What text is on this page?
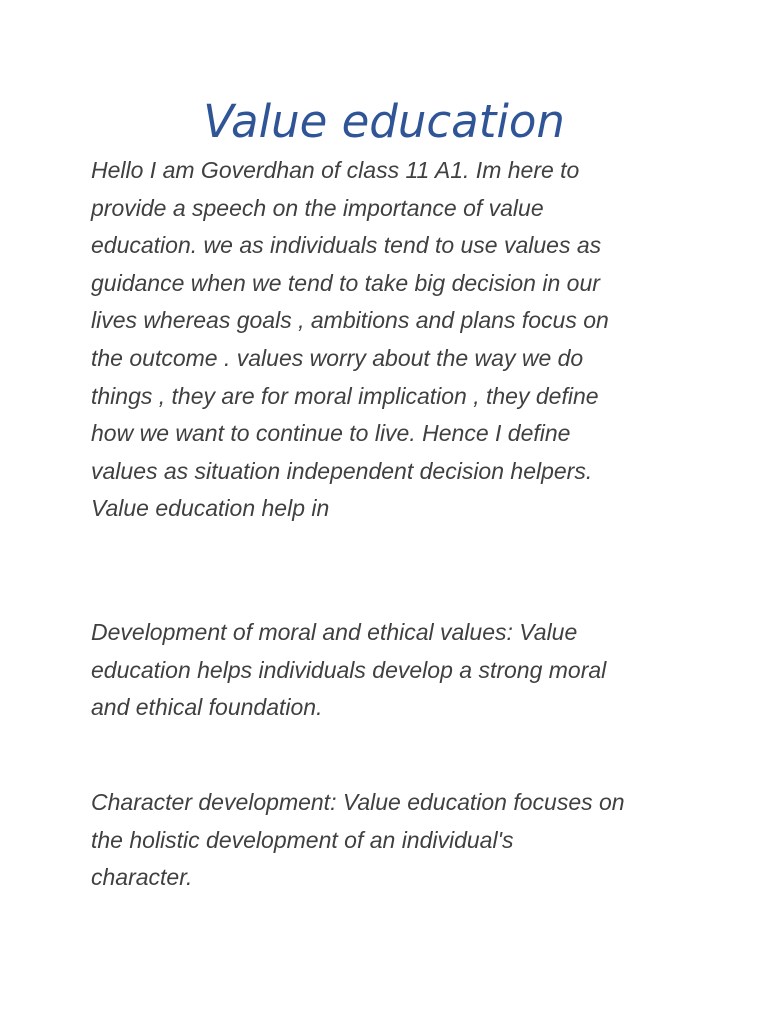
Value education

Hello I am Goverdhan of class 11 A1. Im here to
provide a speech on the importance of value
education. we as individuals tend to use values as
guidance when we tend to take big decision in our
lives whereas goals , ambitions and plans focus on
the outcome . values worry about the way we do
things , they are for moral implication , they define
how we want to continue to live. Hence I define
values as situation independent decision helpers.
Value education help in

Development of moral and ethical values: Value
education helps individuals develop a strong moral
and ethical foundation.

Character development: Value education focuses on
the holistic development of an individual's
character.
